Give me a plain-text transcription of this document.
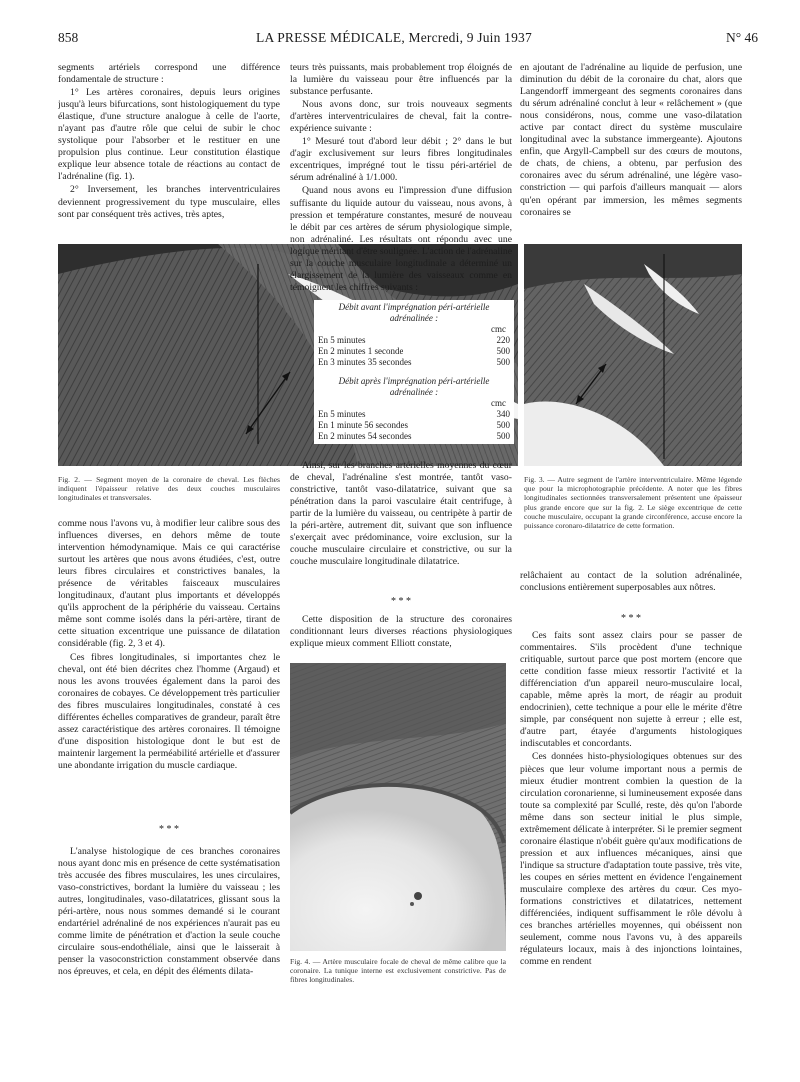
858	LA PRESSE MÉDICALE, Mercredi, 9 Juin 1937	N° 46

segments artériels correspond une différence fondamentale de structure :

1° Les artères coronaires, depuis leurs origines jusqu'à leurs bifurcations, sont histologiquement du type élastique, d'une structure analogue à celle de l'aorte, n'ayant pas d'autre rôle que celui de subir le choc systolique pour l'absorber et le restituer en une propulsion plus continue. Leur constitution élastique explique leur absence totale de réactions au contact de l'adrénaline (fig. 1).

2° Inversement, les branches interventriculaires deviennent progressivement du type musculaire, elles sont par conséquent très actives, très aptes,

Fig. 2. — Segment moyen de la coronaire de cheval. Les flèches indiquent l'épaisseur relative des deux couches musculaires longitudinales et transversales.

comme nous l'avons vu, à modifier leur calibre sous des influences diverses, en dehors même de toute intervention hémodynamique. Mais ce qui caractérise surtout les artères que nous avons étudiées, c'est, outre leurs fibres circulaires et constrictives banales, la présence de véritables faisceaux musculaires longitudinaux, d'autant plus importants et développés qu'ils approchent de la périphérie du vaisseau. Certains même sont comme isolés dans la péri-artère, tirant de cette situation excentrique une puissance de dilatation considérable (fig. 2, 3 et 4).

Ces fibres longitudinales, si importantes chez le cheval, ont été bien décrites chez l'homme (Argaud) et nous les avons trouvées également dans la paroi des coronaires de cobayes. Ce développement très particulier des fibres musculaires longitudinales, constaté à ces différentes échelles comparatives de grandeur, paraît être assez caractéristique des artères coronaires. Il témoigne d'une disposition histologique dont le but est de maintenir largement la perméabilité artérielle et d'assurer une abondante irrigation du muscle cardiaque.

* * *

L'analyse histologique de ces branches coronaires nous ayant donc mis en présence de cette systématisation très accusée des fibres musculaires, les unes circulaires, vaso-constrictives, bordant la lumière du vaisseau ; les autres, longitudinales, vaso-dilatatrices, glissant sous la péri-artère, nous nous sommes demandé si le courant endartériel adrénaliné de nos expériences n'aurait pas eu comme limite de pénétration et d'action la seule couche circulaire sous-endothéliale, ainsi que le laisserait à penser la vasoconstriction constamment observée dans nos épreuves, et cela, en dépit des éléments dilata-

teurs très puissants, mais probablement trop éloignés de la lumière du vaisseau pour être influencés par la substance perfusante.

Nous avons donc, sur trois nouveaux segments d'artères interventriculaires de cheval, fait la contre-expérience suivante :

1° Mesuré tout d'abord leur débit ; 2° dans le but d'agir exclusivement sur leurs fibres longitudinales excentriques, imprégné tout le tissu péri-artériel de sérum adrénaliné à 1/1.000.

Quand nous avons eu l'impression d'une diffusion suffisante du liquide autour du vaisseau, nous avons, à pression et température constantes, mesuré de nouveau le débit par ces artères de sérum physiologique simple, non adrénaliné. Les résultats ont répondu avec une logique méritant d'être soulignée. L'action de l'adrénaline sur la couche musculaire longitudinale a déterminé un élargissement de la lumière des vaisseaux comme en témoignent les chiffres suivants :

Débit avant l'imprégnation péri-artérielle adrénalinée :
cmc
En 5 minutes	220
En 2 minutes 1 seconde	500
En 3 minutes 35 secondes	500
Débit après l'imprégnation péri-artérielle adrénalinée :
cmc
En 5 minutes	340
En 1 minute 56 secondes	500
En 2 minutes 54 secondes	500

Ainsi, sur les branches artérielles moyennes du cœur de cheval, l'adrénaline s'est montrée, tantôt vaso-constrictive, tantôt vaso-dilatatrice, suivant que sa pénétration dans la paroi vasculaire était centrifuge, à partir de la lumière du vaisseau, ou centripète à partir de la péri-artère, autrement dit, suivant que son influence s'exerçait avec prédominance, voire exclusion, sur la couche musculaire circulaire et constrictive, ou sur la couche musculaire longitudinale dilatatrice.

* * *

Cette disposition de la structure des coronaires conditionnant leurs diverses réactions physiologiques explique mieux comment Elliott constate,

Fig. 4. — Artère musculaire focale de cheval de même calibre que la coronaire. La tunique interne est exclusivement constrictive. Pas de fibres longitudinales.

en ajoutant de l'adrénaline au liquide de perfusion, une diminution du débit de la coronaire du chat, alors que Langendorff immergeant des segments coronaires dans du sérum adrénaliné conclut à leur « relâchement » (que nous considérons, nous, comme une vaso-dilatation active par contact direct du système musculaire longitudinal avec la substance immergeante). Ajoutons enfin, que Argyll-Campbell sur des cœurs de moutons, de chats, de chiens, a obtenu, par perfusion des coronaires avec du sérum adrénaliné, une légère vaso-constriction — qui parfois d'ailleurs manquait — alors qu'en opérant par immersion, les mêmes segments coronaires se

Fig. 3. — Autre segment de l'artère interventriculaire. Même légende que pour la microphotographie précédente. A noter que les fibres longitudinales sectionnées transversalement présentent une épaisseur plus grande encore que sur la fig. 2. Le siège excentrique de cette couche musculaire, occupant la grande circonférence, accuse encore la puissance coronaro-dilatatrice de cette formation.

relâchaient au contact de la solution adrénalinée, conclusions entièrement superposables aux nôtres.

* * *

Ces faits sont assez clairs pour se passer de commentaires. S'ils procèdent d'une technique critiquable, surtout parce que post mortem (encore que cette condition fasse mieux ressortir l'activité et la différenciation d'un appareil neuro-musculaire local, capable, même après la mort, de réagir au produit endocrinien), cette technique a pour elle le mérite d'être simple, par conséquent non sujette à erreur ; elle est, d'autre part, étayée d'arguments histologiques indiscutables et concordants.

Ces données histo-physiologiques obtenues sur des pièces que leur volume important nous a permis de mieux étudier montrent combien la question de la circulation coronarienne, si lumineusement exposée dans toute sa complexité par Scullé, reste, dès qu'on l'aborde même dans son secteur initial le plus simple, extrêmement délicate à interpréter. Si le premier segment coronaire élastique n'obéit guère qu'aux modifications de pression et aux influences mécaniques, ainsi que l'indique sa structure d'adaptation toute passive, très vite, les coupes en séries mettent en évidence l'engainement musculaire complexe des artères du cœur. Ces myo-formations constrictives et dilatatrices, nettement différenciées, indiquent suffisamment le rôle dévolu à ces branches artérielles moyennes, qui obéissent non seulement, comme nous l'avons vu, à des appareils régulateurs locaux, mais à des injonctions lointaines, comme en rendent
